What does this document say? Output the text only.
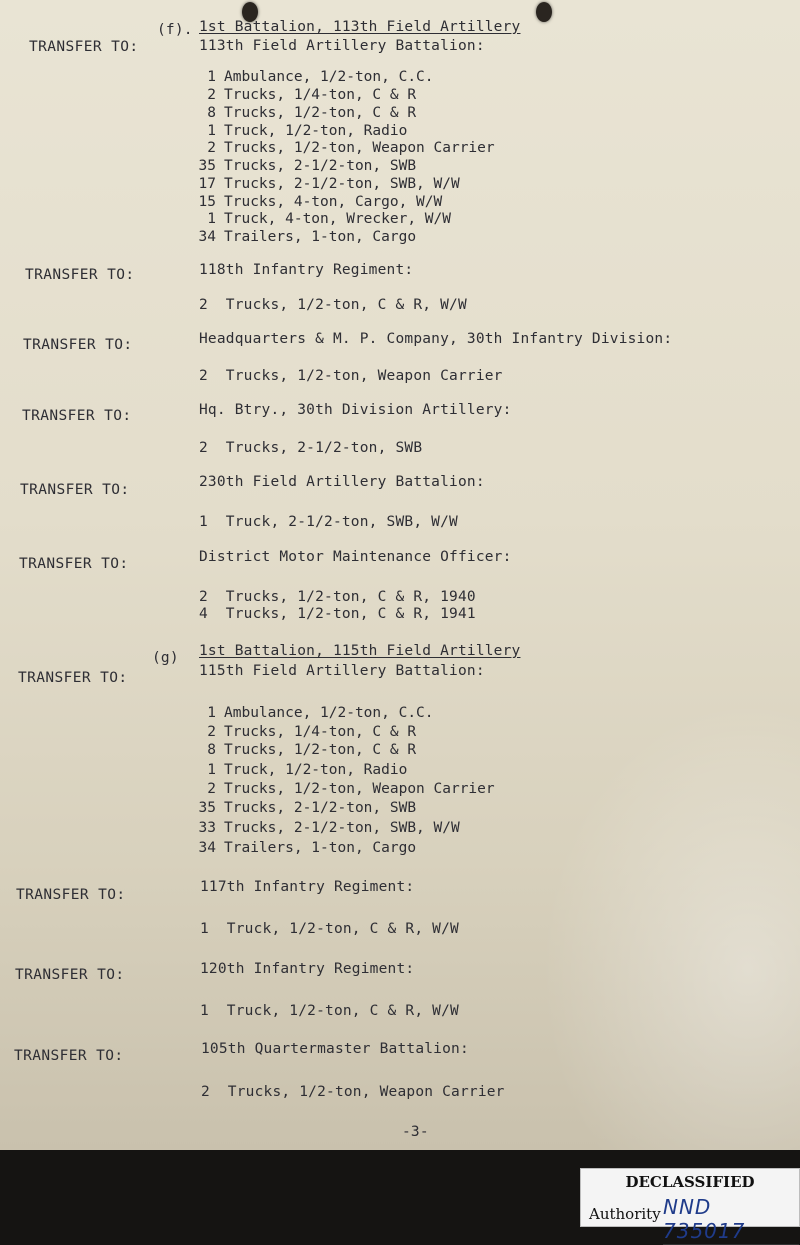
(f). 1st Battalion, 113th Field Artillery
TRANSFER TO:	113th Field Artillery Battalion:
1 Ambulance, 1/2-ton, C.C.
2 Trucks, 1/4-ton, C & R
8 Trucks, 1/2-ton, C & R
1 Truck, 1/2-ton, Radio
2 Trucks, 1/2-ton, Weapon Carrier
35 Trucks, 2-1/2-ton, SWB
17 Trucks, 2-1/2-ton, SWB, W/W
15 Trucks, 4-ton, Cargo, W/W
1 Truck, 4-ton, Wrecker, W/W
34 Trailers, 1-ton, Cargo
TRANSFER TO:	118th Infantry Regiment:
2  Trucks, 1/2-ton, C & R, W/W
TRANSFER TO:	Headquarters & M. P. Company, 30th Infantry Division:
2  Trucks, 1/2-ton, Weapon Carrier
TRANSFER TO:	Hq. Btry., 30th Division Artillery:
2  Trucks, 2-1/2-ton, SWB
TRANSFER TO:	230th Field Artillery Battalion:
1  Truck, 2-1/2-ton, SWB, W/W
TRANSFER TO:	District Motor Maintenance Officer:
2  Trucks, 1/2-ton, C & R, 1940
4  Trucks, 1/2-ton, C & R, 1941
(g) 1st Battalion, 115th Field Artillery
TRANSFER TO:	115th Field Artillery Battalion:
1 Ambulance, 1/2-ton, C.C.
2 Trucks, 1/4-ton, C & R
8 Trucks, 1/2-ton, C & R
1 Truck, 1/2-ton, Radio
2 Trucks, 1/2-ton, Weapon Carrier
35 Trucks, 2-1/2-ton, SWB
33 Trucks, 2-1/2-ton, SWB, W/W
34 Trailers, 1-ton, Cargo
TRANSFER TO:	117th Infantry Regiment:
1  Truck, 1/2-ton, C & R, W/W
TRANSFER TO:	120th Infantry Regiment:
1  Truck, 1/2-ton, C & R, W/W
TRANSFER TO:	105th Quartermaster Battalion:
2  Trucks, 1/2-ton, Weapon Carrier
-3-
DECLASSIFIED
Authority NND 735017
